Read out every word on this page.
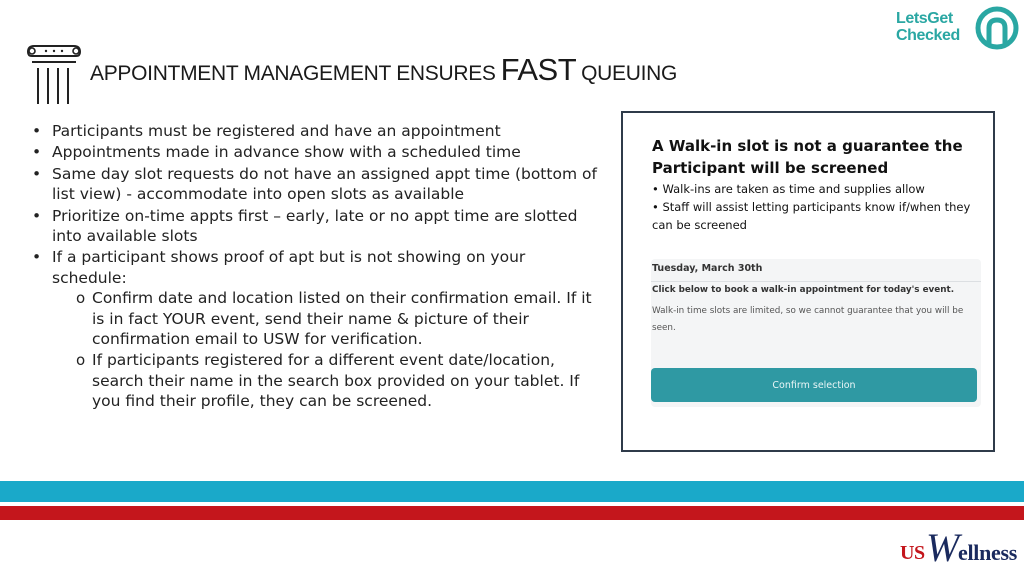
APPOINTMENT MANAGEMENT ENSURES FAST QUEUING
LetsGet
Checked
• Participants must be registered and have an appointment
• Appointments made in advance show with a scheduled time
• Same day slot requests do not have an assigned appt time (bottom of list view) - accommodate into open slots as available
• Prioritize on-time appts first – early, late or no appt time are slotted into available slots
• If a participant shows proof of apt but is not showing on your schedule:
o Confirm date and location listed on their confirmation email. If it is in fact YOUR event, send their name & picture of their confirmation email to USW for verification.
o If participants registered for a different event date/location, search their name in the search box provided on your tablet. If you find their profile, they can be screened.
A Walk-in slot is not a guarantee the Participant will be screened
• Walk-ins are taken as time and supplies allow
• Staff will assist letting participants know if/when they can be screened
Tuesday, March 30th
Click below to book a walk-in appointment for today's event.
Walk-in time slots are limited, so we cannot guarantee that you will be seen.
Confirm selection
US W
ellness
